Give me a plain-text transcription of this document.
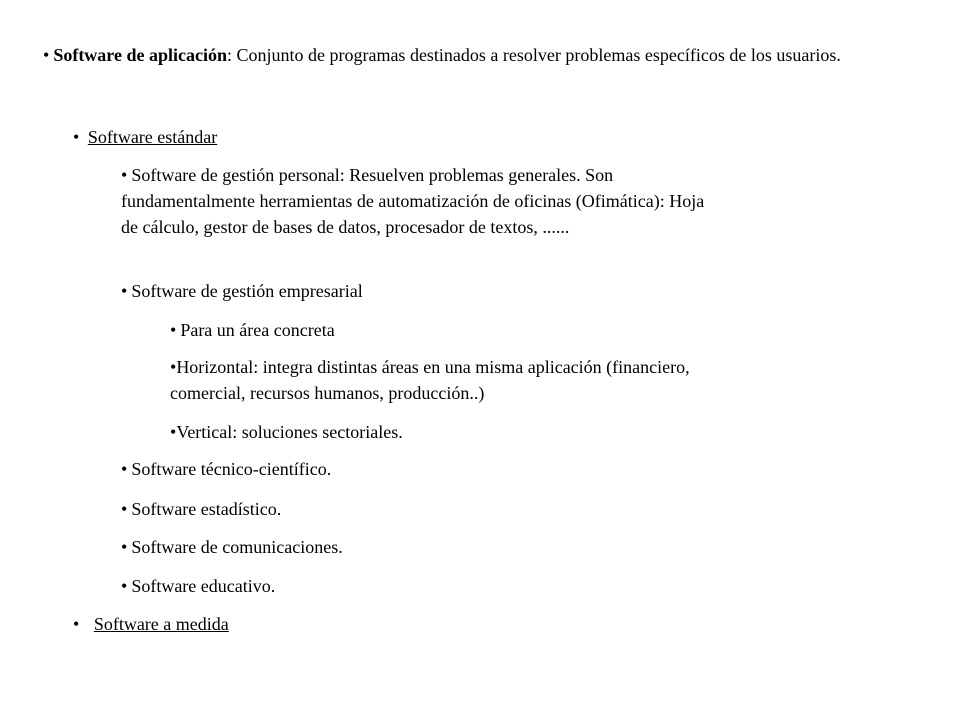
• Software de aplicación: Conjunto de programas destinados a resolver problemas específicos de los usuarios.
• Software estándar
• Software de gestión personal: Resuelven problemas generales. Son fundamentalmente herramientas de automatización de oficinas (Ofimática): Hoja de cálculo, gestor de bases de datos, procesador de textos, ......
• Software de gestión empresarial
• Para un área concreta
•Horizontal: integra distintas áreas en una misma aplicación (financiero, comercial, recursos humanos, producción..)
•Vertical: soluciones sectoriales.
• Software técnico-científico.
• Software estadístico.
• Software de comunicaciones.
• Software educativo.
• Software a medida
